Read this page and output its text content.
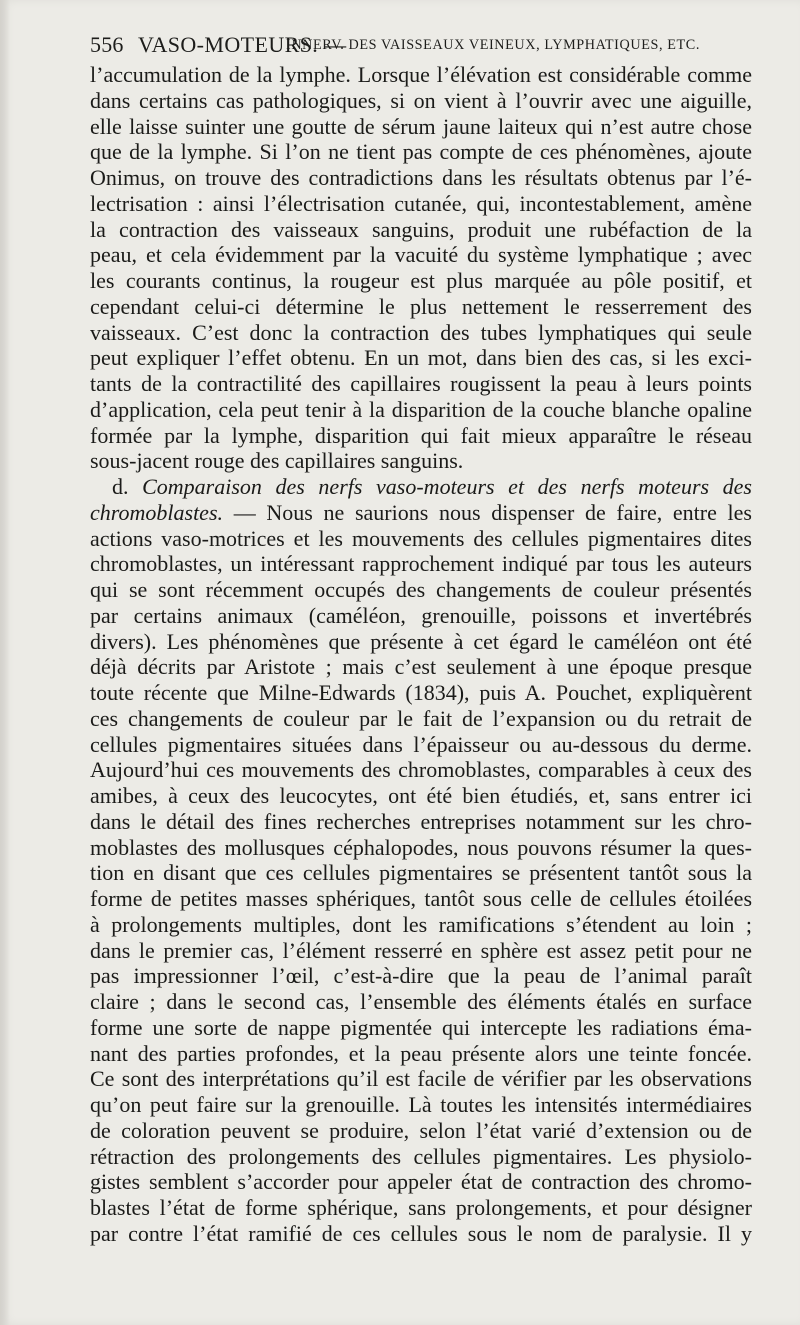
556 VASO-MOTEURS. —
INNERV. DES VAISSEAUX VEINEUX, LYMPHATIQUES, ETC.
l’accumulation de la lymphe. Lorsque l’élévation est considérable comme
dans certains cas pathologiques, si on vient à l’ouvrir avec une aiguille,
elle laisse suinter une goutte de sérum jaune laiteux qui n’est autre chose
que de la lymphe. Si l’on ne tient pas compte de ces phénomènes, ajoute
Onimus, on trouve des contradictions dans les résultats obtenus par l’é-
lectrisation : ainsi l’électrisation cutanée, qui, incontestablement, amène
la contraction des vaisseaux sanguins, produit une rubéfaction de la
peau, et cela évidemment par la vacuité du système lymphatique ; avec
les courants continus, la rougeur est plus marquée au pôle positif, et
cependant celui-ci détermine le plus nettement le resserrement des
vaisseaux. C’est donc la contraction des tubes lymphatiques qui seule
peut expliquer l’effet obtenu. En un mot, dans bien des cas, si les exci-
tants de la contractilité des capillaires rougissent la peau à leurs points
d’application, cela peut tenir à la disparition de la couche blanche opaline
formée par la lymphe, disparition qui fait mieux apparaître le réseau
sous-jacent rouge des capillaires sanguins.
d. Comparaison des nerfs vaso-moteurs et des nerfs moteurs des
chromoblastes. — Nous ne saurions nous dispenser de faire, entre les
actions vaso-motrices et les mouvements des cellules pigmentaires dites
chromoblastes, un intéressant rapprochement indiqué par tous les auteurs
qui se sont récemment occupés des changements de couleur présentés
par certains animaux (caméléon, grenouille, poissons et invertébrés
divers). Les phénomènes que présente à cet égard le caméléon ont été
déjà décrits par Aristote ; mais c’est seulement à une époque presque
toute récente que Milne-Edwards (1834), puis A. Pouchet, expliquèrent
ces changements de couleur par le fait de l’expansion ou du retrait de
cellules pigmentaires situées dans l’épaisseur ou au-dessous du derme.
Aujourd’hui ces mouvements des chromoblastes, comparables à ceux des
amibes, à ceux des leucocytes, ont été bien étudiés, et, sans entrer ici
dans le détail des fines recherches entreprises notamment sur les chro-
moblastes des mollusques céphalopodes, nous pouvons résumer la ques-
tion en disant que ces cellules pigmentaires se présentent tantôt sous la
forme de petites masses sphériques, tantôt sous celle de cellules étoilées
à prolongements multiples, dont les ramifications s’étendent au loin ;
dans le premier cas, l’élément resserré en sphère est assez petit pour ne
pas impressionner l’œil, c’est-à-dire que la peau de l’animal paraît
claire ; dans le second cas, l’ensemble des éléments étalés en surface
forme une sorte de nappe pigmentée qui intercepte les radiations éma-
nant des parties profondes, et la peau présente alors une teinte foncée.
Ce sont des interprétations qu’il est facile de vérifier par les observations
qu’on peut faire sur la grenouille. Là toutes les intensités intermédiaires
de coloration peuvent se produire, selon l’état varié d’extension ou de
rétraction des prolongements des cellules pigmentaires. Les physiolo-
gistes semblent s’accorder pour appeler état de contraction des chromo-
blastes l’état de forme sphérique, sans prolongements, et pour désigner
par contre l’état ramifié de ces cellules sous le nom de paralysie. Il y
